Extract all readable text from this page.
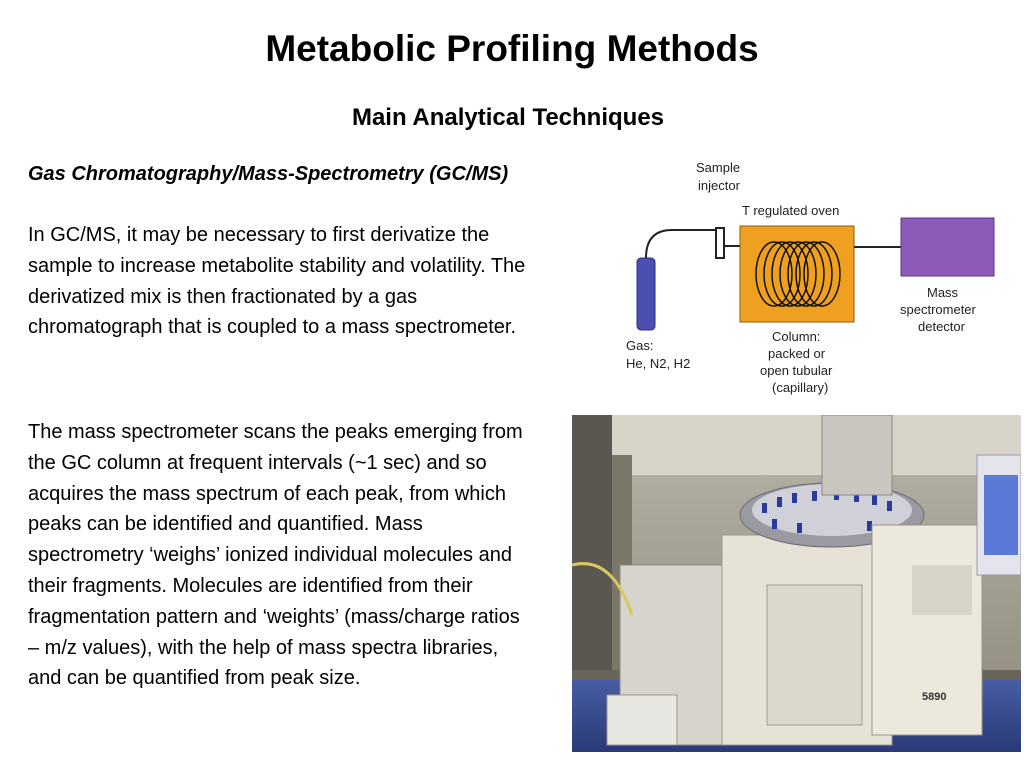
Metabolic Profiling Methods
Main Analytical Techniques
Gas Chromatography/Mass-Spectrometry (GC/MS)
In GC/MS, it may be necessary to first derivatize the sample to increase metabolite stability and volatility. The derivatized mix is then fractionated by a gas chromatograph that is coupled to a mass spectrometer.
The mass spectrometer scans the peaks emerging from the GC column at frequent intervals (~1 sec) and so acquires the mass spectrum of each peak, from which peaks can be identified and quantified. Mass spectrometry ‘weighs’ ionized individual molecules and their fragments. Molecules are identified from their fragmentation pattern and ‘weights’ (mass/charge ratios – m/z values), with the help of mass spectra libraries, and can be quantified from peak size.
Sample
injector
T regulated oven
Gas:
He, N2, H2
Column:
packed or
open tubular
(capillary)
Mass
spectrometer
detector
5890
